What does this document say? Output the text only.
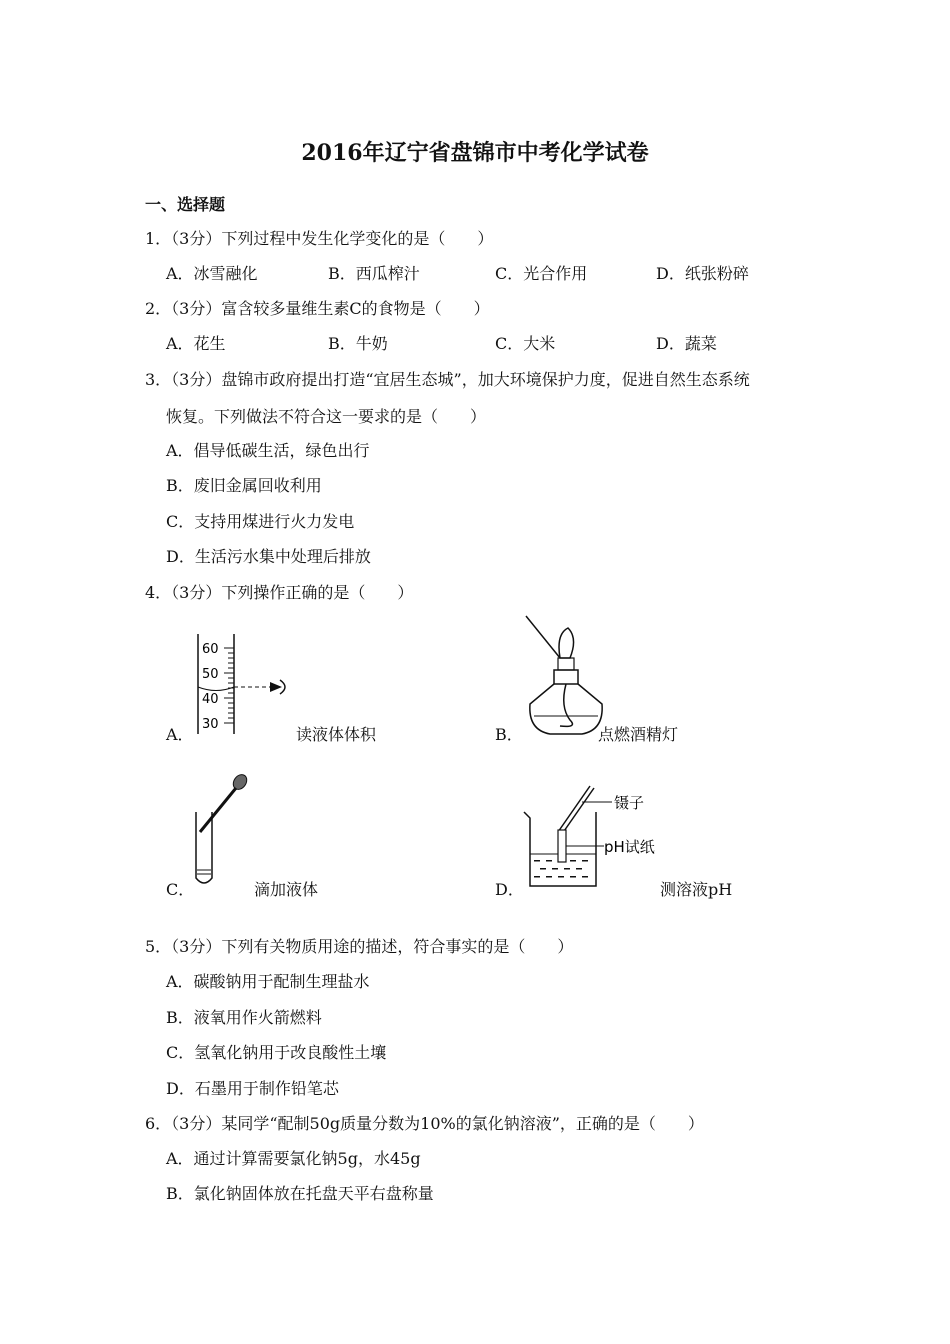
2016年辽宁省盘锦市中考化学试卷
一、选择题
1．（3分）下列过程中发生化学变化的是（　　）
A．冰雪融化	B．西瓜榨汁	C．光合作用	D．纸张粉碎
2．（3分）富含较多量维生素C的食物是（　　）
A．花生	B．牛奶	C．大米	D．蔬菜
3．（3分）盘锦市政府提出打造“宜居生态城”，加大环境保护力度，促进自然生态系统
恢复。下列做法不符合这一要求的是（　　）
A．倡导低碳生活，绿色出行
B．废旧金属回收利用
C．支持用煤进行火力发电
D．生活污水集中处理后排放
4．（3分）下列操作正确的是（　　）
60
50
40
30
A．	读液体体积	B．	点燃酒精灯
C．	滴加液体
镊子
pH试纸
D．	测溶液pH
5．（3分）下列有关物质用途的描述，符合事实的是（　　）
A．碳酸钠用于配制生理盐水
B．液氧用作火箭燃料
C．氢氧化钠用于改良酸性土壤
D．石墨用于制作铅笔芯
6．（3分）某同学“配制50g质量分数为10%的氯化钠溶液”，正确的是（　　）
A．通过计算需要氯化钠5g，水45g
B．氯化钠固体放在托盘天平右盘称量
